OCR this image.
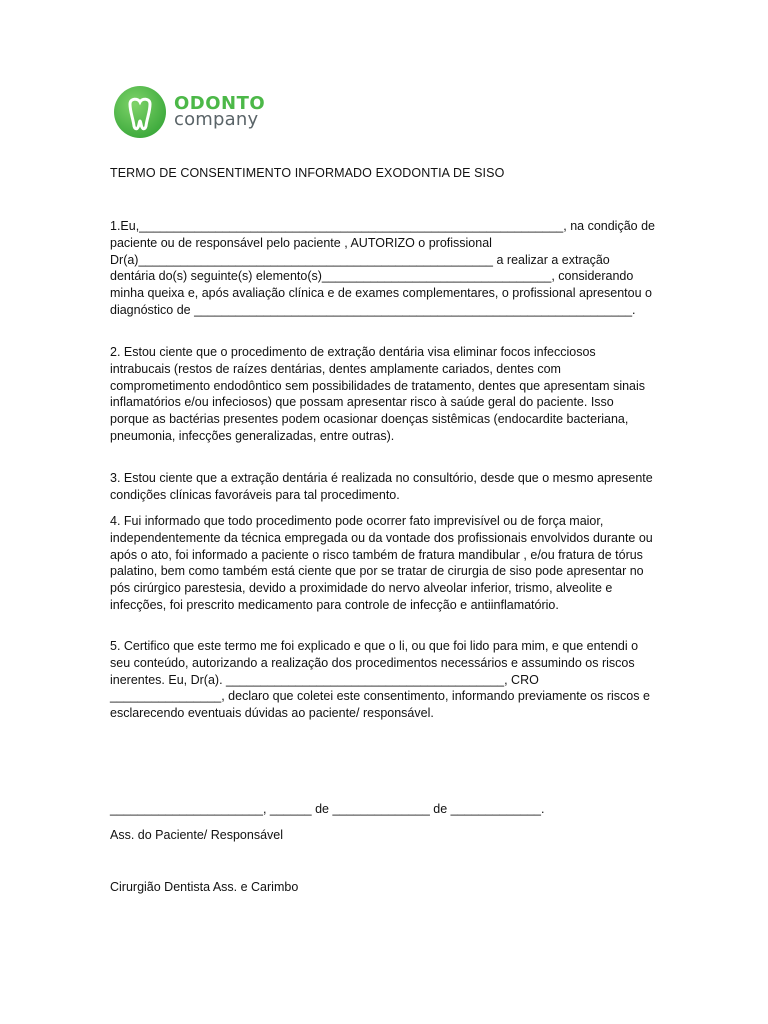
ODONTO
company
TERMO DE CONSENTIMENTO INFORMADO EXODONTIA DE SISO

1.Eu,_____________________________________________________________, na condição de paciente ou de responsável pelo paciente , AUTORIZO o profissional Dr(a)___________________________________________________ a realizar a extração dentária do(s) seguinte(s) elemento(s)_________________________________, considerando minha queixa e, após avaliação clínica e de exames complementares, o profissional apresentou o diagnóstico de _______________________________________________________________.

2. Estou ciente que o procedimento de extração dentária visa eliminar focos infecciosos intrabucais (restos de raízes dentárias, dentes amplamente cariados, dentes com comprometimento endodôntico sem possibilidades de tratamento, dentes que apresentam sinais inflamatórios e/ou infeciosos) que possam apresentar risco à saúde geral do paciente. Isso porque as bactérias presentes podem ocasionar doenças sistêmicas (endocardite bacteriana, pneumonia, infecções generalizadas, entre outras).

3. Estou ciente que a extração dentária é realizada no consultório, desde que o mesmo apresente condições clínicas favoráveis para tal procedimento.

4. Fui informado que todo procedimento pode ocorrer fato imprevisível ou de força maior, independentemente da técnica empregada ou da vontade dos profissionais envolvidos durante ou após o ato, foi informado a paciente o risco também de fratura mandibular , e/ou fratura de tórus palatino, bem como também está ciente que por se tratar de cirurgia de siso pode apresentar no pós cirúrgico parestesia, devido a proximidade do nervo alveolar inferior, trismo, alveolite e infecções, foi prescrito medicamento para controle de infecção e antiinflamatório.

5. Certifico que este termo me foi explicado e que o li, ou que foi lido para mim, e que entendi o seu conteúdo, autorizando a realização dos procedimentos necessários e assumindo os riscos inerentes. Eu, Dr(a). ________________________________________, CRO ________________, declaro que coletei este consentimento, informando previamente os riscos e esclarecendo eventuais dúvidas ao paciente/ responsável.

______________________, ______ de ______________ de _____________.
Ass. do Paciente/ Responsável
Cirurgião Dentista Ass. e Carimbo
